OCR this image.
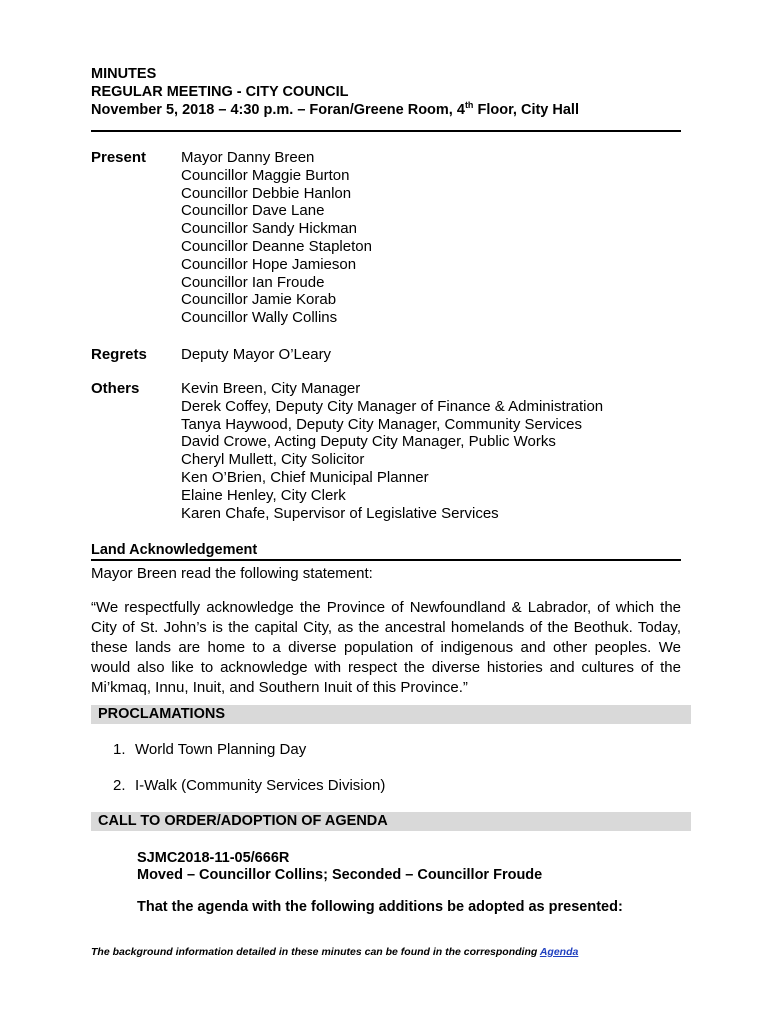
MINUTES
REGULAR MEETING - CITY COUNCIL
November 5, 2018 – 4:30 p.m. – Foran/Greene Room, 4th Floor, City Hall
Present Mayor Danny Breen
Councillor Maggie Burton
Councillor Debbie Hanlon
Councillor Dave Lane
Councillor Sandy Hickman
Councillor Deanne Stapleton
Councillor Hope Jamieson
Councillor Ian Froude
Councillor Jamie Korab
Councillor Wally Collins
Regrets Deputy Mayor O’Leary
Others	Kevin Breen, City Manager
Derek Coffey, Deputy City Manager of Finance & Administration
Tanya Haywood, Deputy City Manager, Community Services
David Crowe, Acting Deputy City Manager, Public Works
Cheryl Mullett, City Solicitor
Ken O’Brien, Chief Municipal Planner
Elaine Henley, City Clerk
Karen Chafe, Supervisor of Legislative Services
Land Acknowledgement
Mayor Breen read the following statement:
“We respectfully acknowledge the Province of Newfoundland & Labrador, of which the City of St. John’s is the capital City, as the ancestral homelands of the Beothuk. Today, these lands are home to a diverse population of indigenous and other peoples. We would also like to acknowledge with respect the diverse histories and cultures of the Mi’kmaq, Innu, Inuit, and Southern Inuit of this Province.”
PROCLAMATIONS
1. World Town Planning Day
2. I-Walk (Community Services Division)
CALL TO ORDER/ADOPTION OF AGENDA
SJMC2018-11-05/666R
Moved – Councillor Collins; Seconded – Councillor Froude
That the agenda with the following additions be adopted as presented:
The background information detailed in these minutes can be found in the corresponding Agenda
